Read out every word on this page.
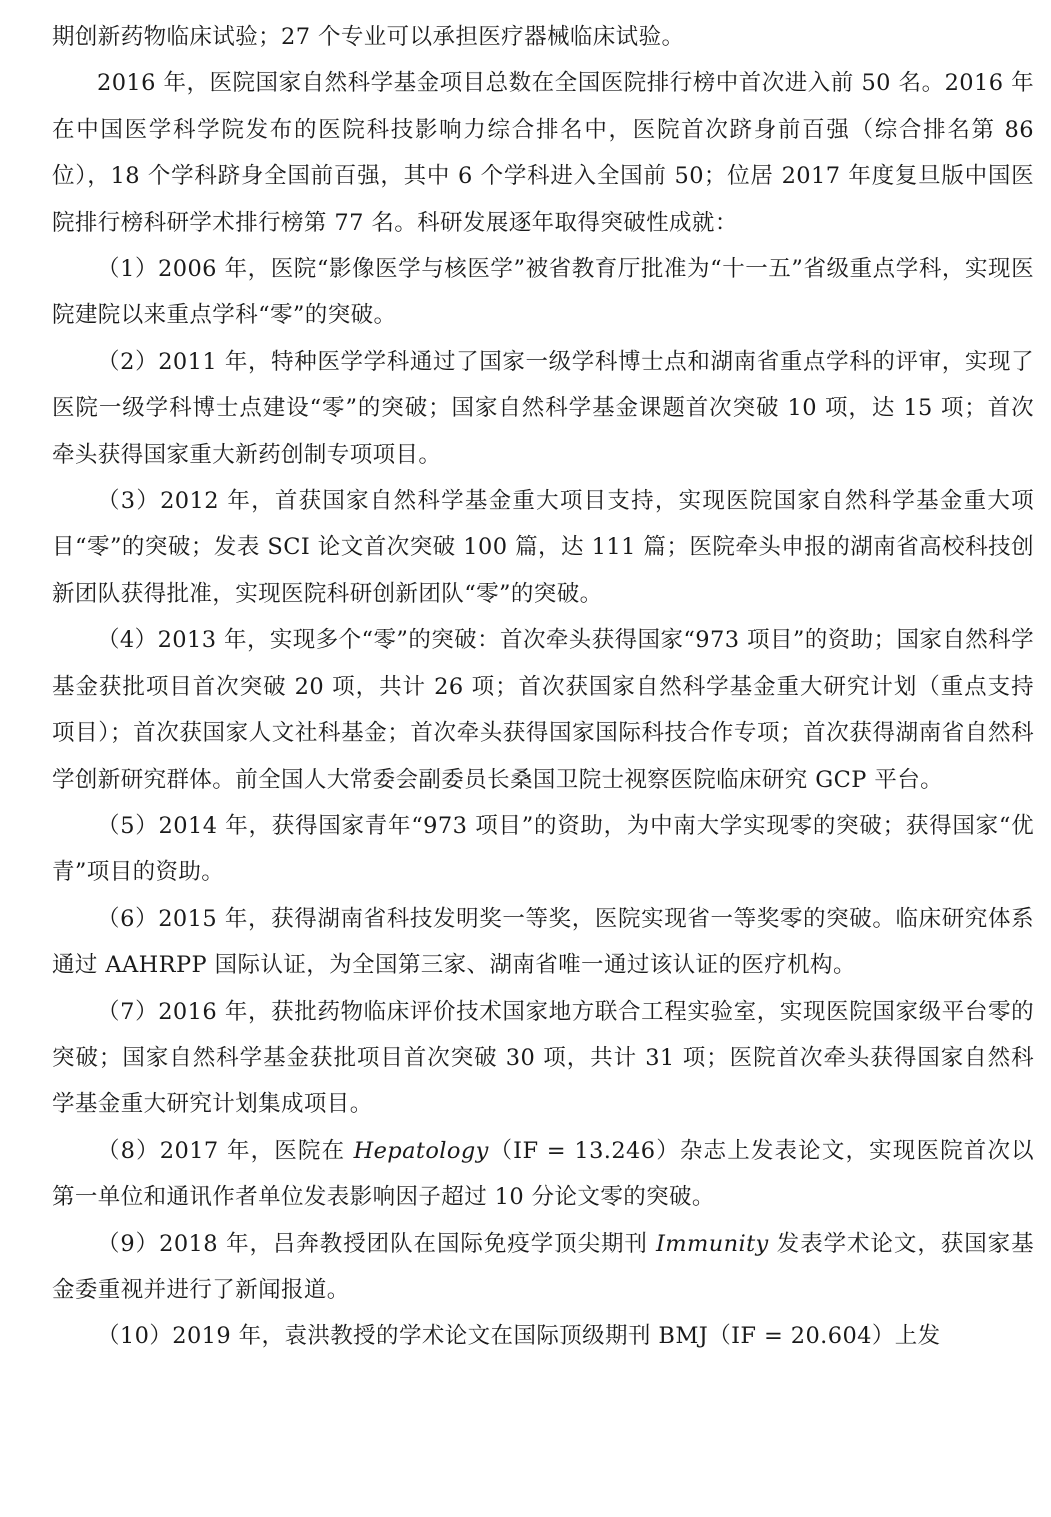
期创新药物临床试验；27 个专业可以承担医疗器械临床试验。

2016 年，医院国家自然科学基金项目总数在全国医院排行榜中首次进入前 50 名。2016 年在中国医学科学院发布的医院科技影响力综合排名中，医院首次跻身前百强（综合排名第 86 位），18 个学科跻身全国前百强，其中 6 个学科进入全国前 50；位居 2017 年度复旦版中国医院排行榜科研学术排行榜第 77 名。科研发展逐年取得突破性成就：

（1）2006 年，医院“影像医学与核医学”被省教育厅批准为“十一五”省级重点学科，实现医院建院以来重点学科“零”的突破。

（2）2011 年，特种医学学科通过了国家一级学科博士点和湖南省重点学科的评审，实现了医院一级学科博士点建设“零”的突破；国家自然科学基金课题首次突破 10 项，达 15 项；首次牵头获得国家重大新药创制专项项目。

（3）2012 年，首获国家自然科学基金重大项目支持，实现医院国家自然科学基金重大项目“零”的突破；发表 SCI 论文首次突破 100 篇，达 111 篇；医院牵头申报的湖南省高校科技创新团队获得批准，实现医院科研创新团队“零”的突破。

（4）2013 年，实现多个“零”的突破：首次牵头获得国家“973 项目”的资助；国家自然科学基金获批项目首次突破 20 项，共计 26 项；首次获国家自然科学基金重大研究计划（重点支持项目）；首次获国家人文社科基金；首次牵头获得国家国际科技合作专项；首次获得湖南省自然科学创新研究群体。前全国人大常委会副委员长桑国卫院士视察医院临床研究 GCP 平台。

（5）2014 年，获得国家青年“973 项目”的资助，为中南大学实现零的突破；获得国家“优青”项目的资助。

（6）2015 年，获得湖南省科技发明奖一等奖，医院实现省一等奖零的突破。临床研究体系通过 AAHRPP 国际认证，为全国第三家、湖南省唯一通过该认证的医疗机构。

（7）2016 年，获批药物临床评价技术国家地方联合工程实验室，实现医院国家级平台零的突破；国家自然科学基金获批项目首次突破 30 项，共计 31 项；医院首次牵头获得国家自然科学基金重大研究计划集成项目。

（8）2017 年，医院在 Hepatology（IF = 13.246）杂志上发表论文，实现医院首次以第一单位和通讯作者单位发表影响因子超过 10 分论文零的突破。

（9）2018 年，吕奔教授团队在国际免疫学顶尖期刊 Immunity 发表学术论文，获国家基金委重视并进行了新闻报道。

（10）2019 年，袁洪教授的学术论文在国际顶级期刊 BMJ（IF = 20.604）上发
